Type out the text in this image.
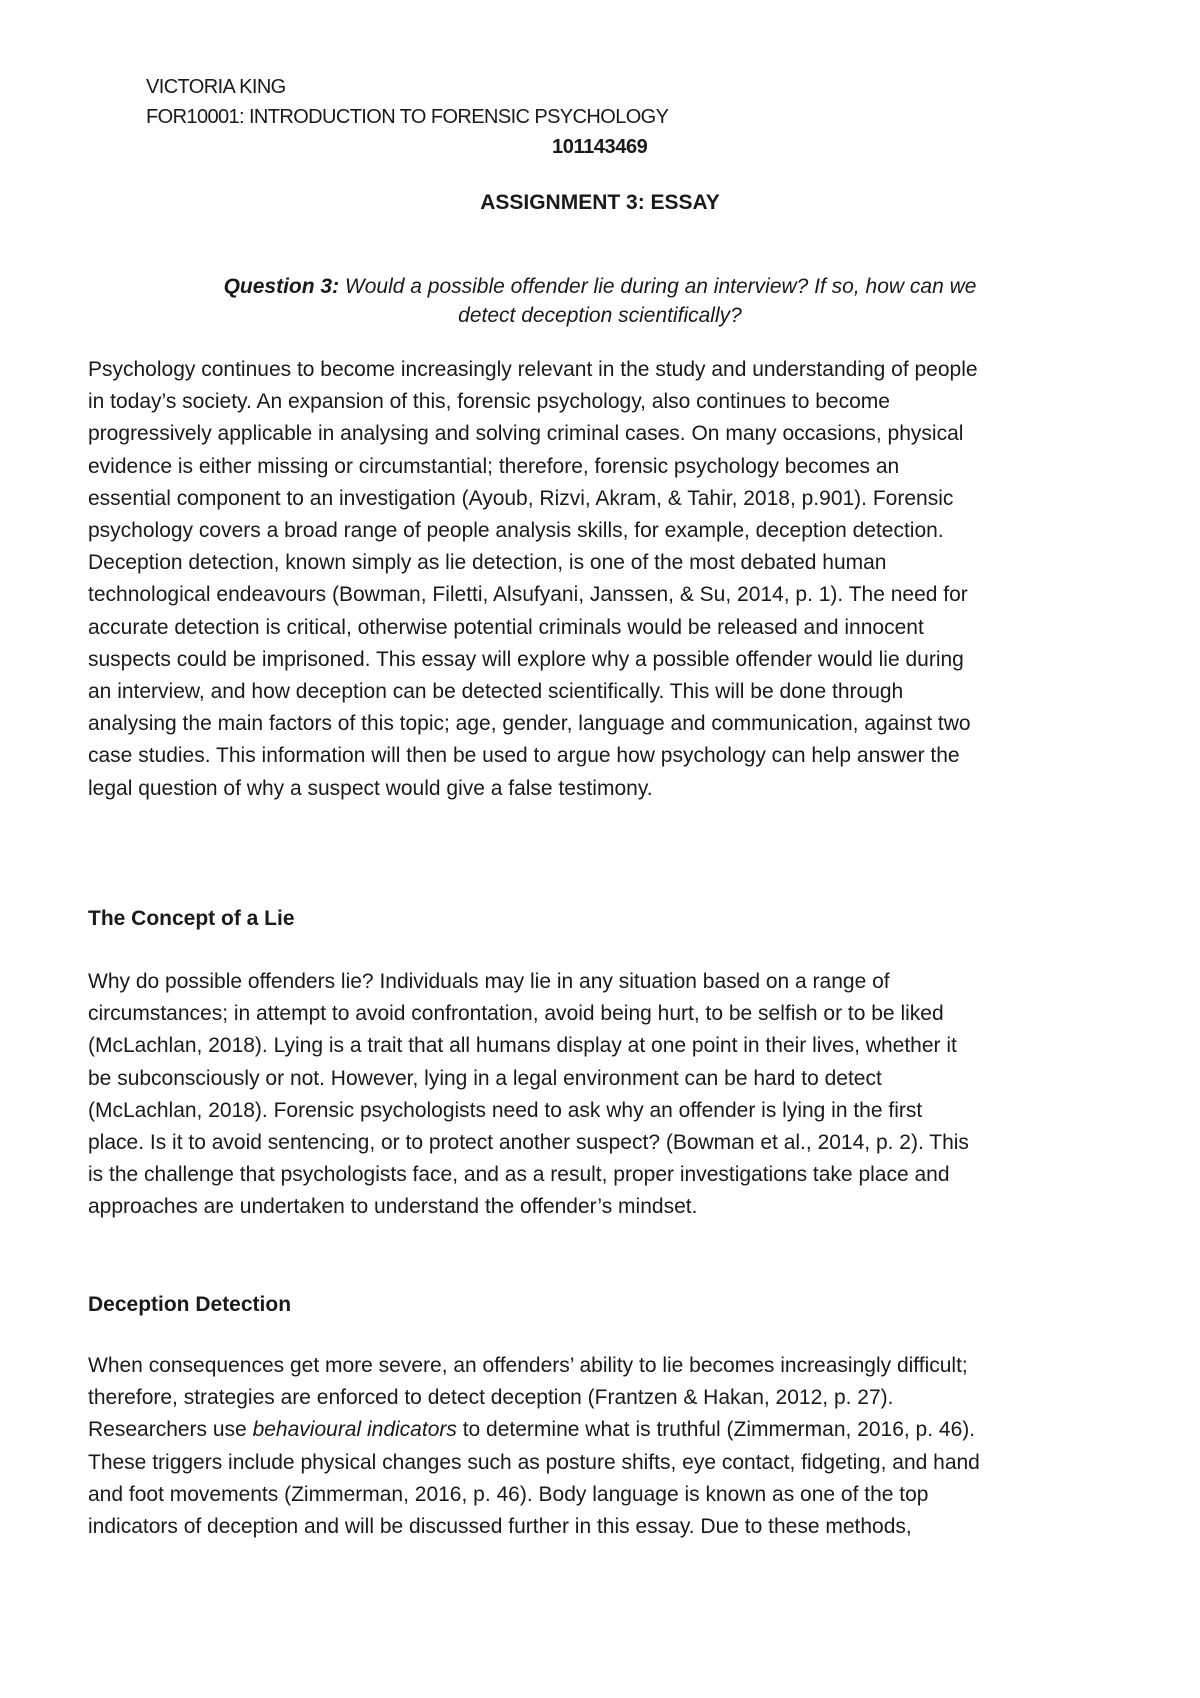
VICTORIA KING
FOR10001: INTRODUCTION TO FORENSIC PSYCHOLOGY
101143469
ASSIGNMENT 3: ESSAY
Question 3: Would a possible offender lie during an interview? If so, how can we
detect deception scientifically?
Psychology continues to become increasingly relevant in the study and understanding of people
in today’s society. An expansion of this, forensic psychology, also continues to become
progressively applicable in analysing and solving criminal cases. On many occasions, physical
evidence is either missing or circumstantial; therefore, forensic psychology becomes an
essential component to an investigation (Ayoub, Rizvi, Akram, & Tahir, 2018, p.901). Forensic
psychology covers a broad range of people analysis skills, for example, deception detection.
Deception detection, known simply as lie detection, is one of the most debated human
technological endeavours (Bowman, Filetti, Alsufyani, Janssen, & Su, 2014, p. 1). The need for
accurate detection is critical, otherwise potential criminals would be released and innocent
suspects could be imprisoned. This essay will explore why a possible offender would lie during
an interview, and how deception can be detected scientifically. This will be done through
analysing the main factors of this topic; age, gender, language and communication, against two
case studies. This information will then be used to argue how psychology can help answer the
legal question of why a suspect would give a false testimony.
The Concept of a Lie
Why do possible offenders lie? Individuals may lie in any situation based on a range of
circumstances; in attempt to avoid confrontation, avoid being hurt, to be selfish or to be liked
(McLachlan, 2018). Lying is a trait that all humans display at one point in their lives, whether it
be subconsciously or not. However, lying in a legal environment can be hard to detect
(McLachlan, 2018). Forensic psychologists need to ask why an offender is lying in the first
place. Is it to avoid sentencing, or to protect another suspect? (Bowman et al., 2014, p. 2). This
is the challenge that psychologists face, and as a result, proper investigations take place and
approaches are undertaken to understand the offender’s mindset.
Deception Detection
When consequences get more severe, an offenders’ ability to lie becomes increasingly difficult;
therefore, strategies are enforced to detect deception (Frantzen & Hakan, 2012, p. 27).
Researchers use behavioural indicators to determine what is truthful (Zimmerman, 2016, p. 46).
These triggers include physical changes such as posture shifts, eye contact, fidgeting, and hand
and foot movements (Zimmerman, 2016, p. 46). Body language is known as one of the top
indicators of deception and will be discussed further in this essay. Due to these methods,
